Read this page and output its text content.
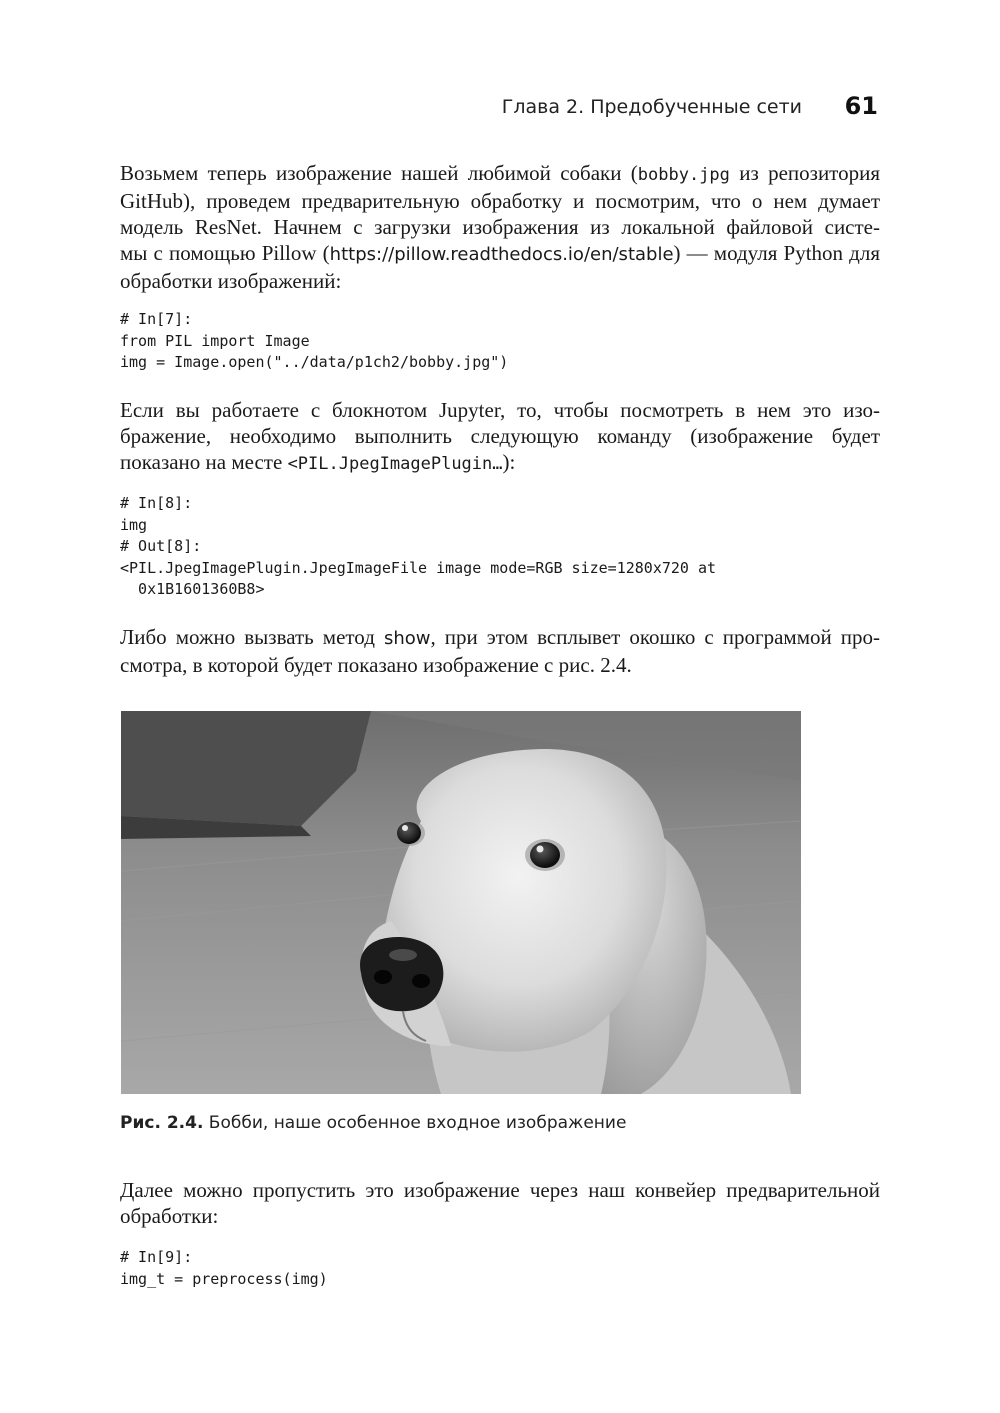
Глава 2. Предобученные сети 61
Возьмем теперь изображение нашей любимой собаки (bobby.jpg из репозитория
GitHub), проведем предварительную обработку и посмотрим, что о нем думает
модель ResNet. Начнем с загрузки изображения из локальной файловой систе-
мы с помощью Pillow (https://pillow.readthedocs.io/en/stable) — модуля Python для
обработки изображений:
# In[7]:
from PIL import Image
img = Image.open("../data/p1ch2/bobby.jpg")
Если вы работаете с блокнотом Jupyter, то, чтобы посмотреть в нем это изо-
бражение, необходимо выполнить следующую команду (изображение будет
показано на месте <PIL.JpegImagePlugin…):
# In[8]:
img
# Out[8]:
<PIL.JpegImagePlugin.JpegImageFile image mode=RGB size=1280x720 at
0x1B1601360B8>
Либо можно вызвать метод show, при этом всплывет окошко с программой про-
смотра, в которой будет показано изображение с рис. 2.4.
Рис. 2.4. Бобби, наше особенное входное изображение
Далее можно пропустить это изображение через наш конвейер предварительной
обработки:
# In[9]:
img_t = preprocess(img)
